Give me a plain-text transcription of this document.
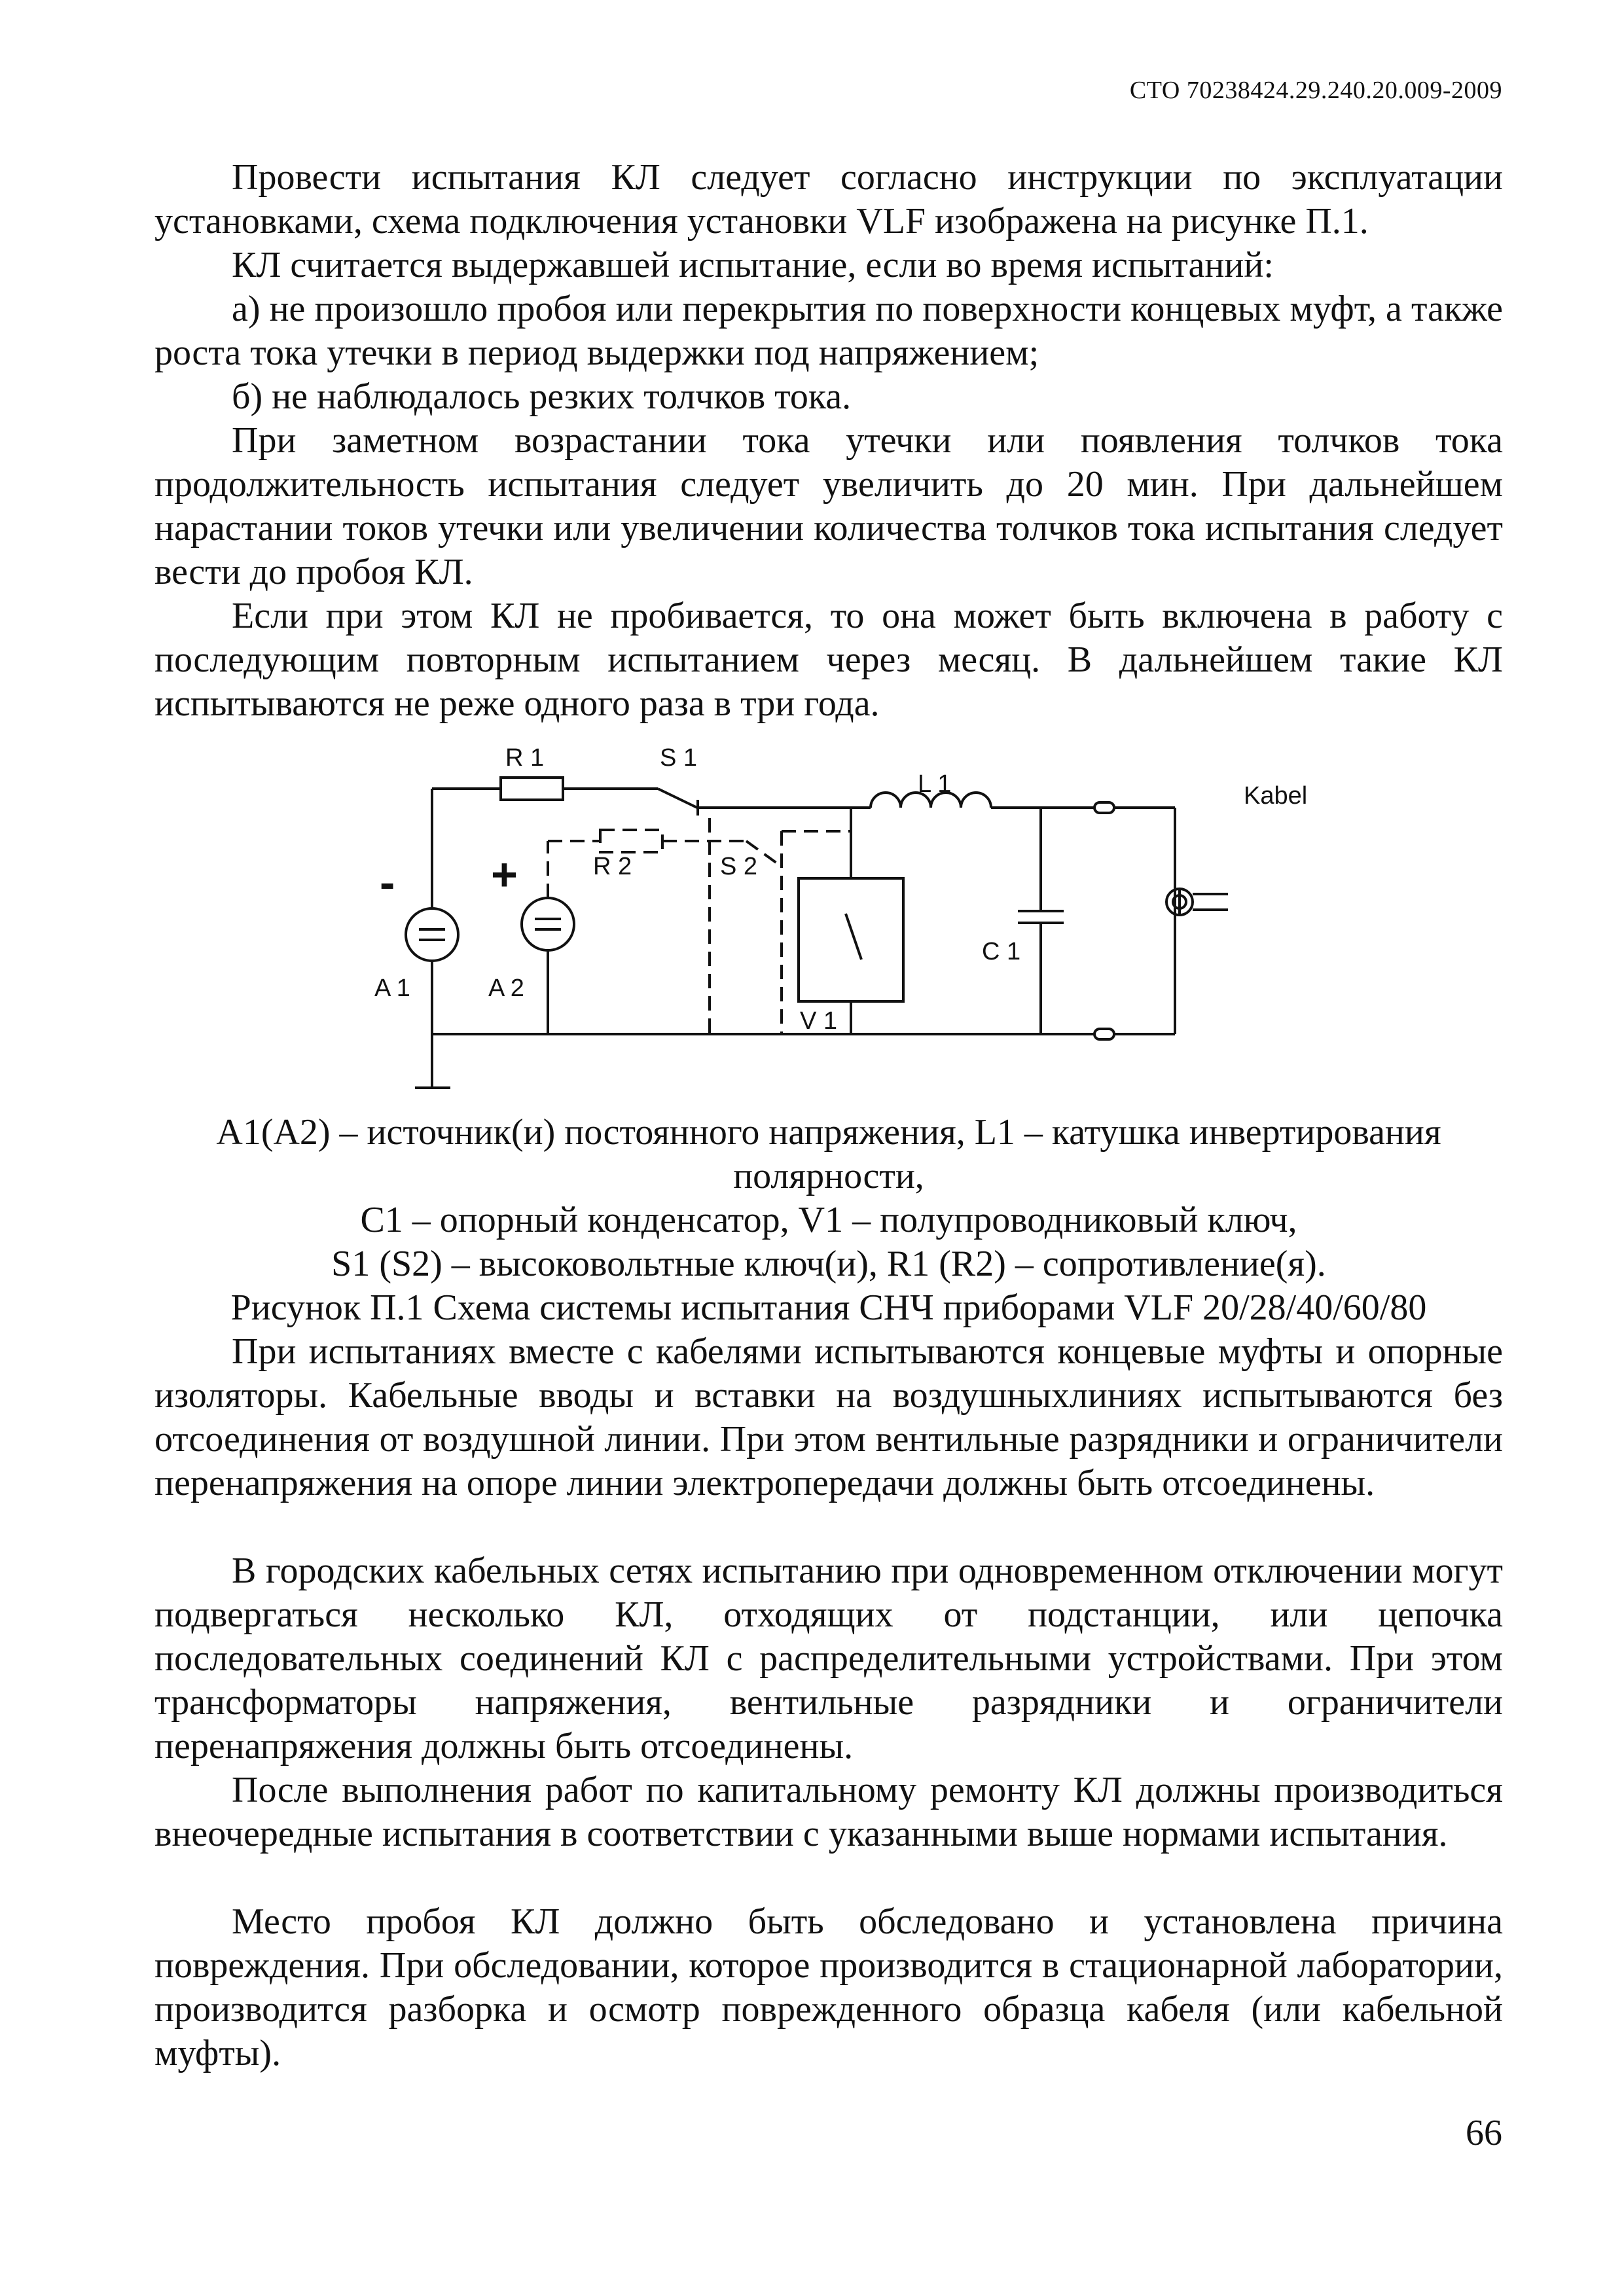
СТО 70238424.29.240.20.009-2009

Провести испытания КЛ следует согласно инструкции по эксплуатации установками, схема подключения установки VLF изображена на рисунке П.1.

КЛ считается выдержавшей испытание, если во время испытаний:

а) не произошло пробоя или перекрытия по поверхности концевых муфт, а также роста тока утечки в период выдержки под напряжением;

б) не наблюдалось резких толчков тока.

При заметном возрастании тока утечки или появления толчков тока продолжительность испытания следует увеличить до 20 мин. При дальнейшем нарастании токов утечки или увеличении количества толчков тока испытания следует вести до пробоя КЛ.

Если при этом КЛ не пробивается, то она может быть включена в работу с последующим повторным испытанием через месяц. В дальнейшем такие КЛ испытываются не реже одного раза в три года.

R 1	S 1
R 2	S 2
L 1
C 1
V 1
A 1	A 2
Kabel
- +
А1(А2) – источник(и) постоянного напряжения, L1 – катушка инвертирования
полярности,
С1 – опорный конденсатор, V1 – полупроводниковый ключ,
S1 (S2) – высоковольтные ключ(и), R1 (R2) – сопротивление(я).
Рисунок П.1 Схема системы испытания СНЧ приборами VLF 20/28/40/60/80

При испытаниях вместе с кабелями испытываются концевые муфты и опорные изоляторы. Кабельные вводы и вставки на воздушныхлиниях испытываются без отсоединения от воздушной линии. При этом вентильные разрядники и ограничители перенапряжения на опоре линии электропередачи должны быть отсоединены.

В городских кабельных сетях испытанию при одновременном отключении могут подвергаться несколько КЛ, отходящих от подстанции, или цепочка последовательных соединений КЛ с распределительными устройствами. При этом трансформаторы напряжения, вентильные разрядники и ограничители перенапряжения должны быть отсоединены.

После выполнения работ по капитальному ремонту КЛ должны производиться внеочередные испытания в соответствии с указанными выше нормами испытания.

Место пробоя КЛ должно быть обследовано и установлена причина повреждения. При обследовании, которое производится в стационарной лаборатории, производится разборка и осмотр поврежденного образца кабеля (или кабельной муфты).

66
